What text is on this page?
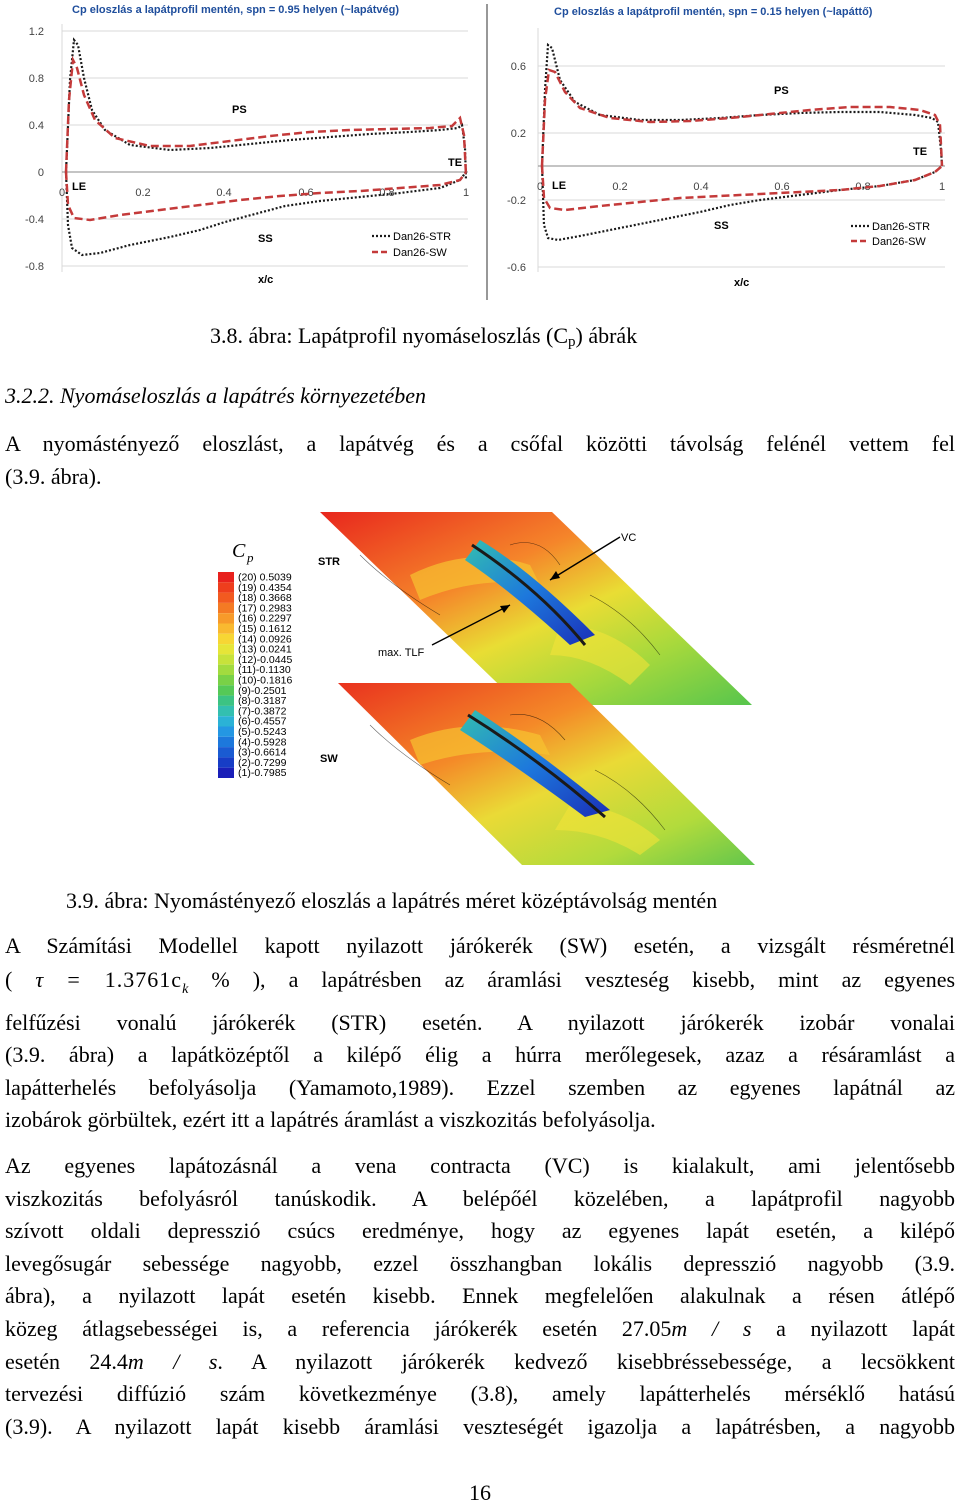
Cp eloszlás a lapátprofil mentén, spn = 0.95 helyen (~lapátvég)
1.2
0.8
0.4
0
-0.4
-0.8
0	0.2	0.4	0.6	0.8	1
LE
PS
TE
SS
x/c
Dan26-STR
Dan26-SW
Cp eloszlás a lapátprofil mentén, spn = 0.15 helyen (~lapáttő)
0.6
0.2
-0.2
-0.6
0	0.2	0.4	0.6	0.8	1
LE
PS
TE
SS
x/c
Dan26-STR
Dan26-SW
3.8. ábra: Lapátprofil nyomáseloszlás (Cp) ábrák
3.2.2. Nyomáseloszlás a lapátrés környezetében
A nyomástényező eloszlást, a lapátvég és a csőfal közötti távolság felénél vettem fel
(3.9. ábra).
C p
(20) 0.5039
(19) 0.4354
(18) 0.3668
(17) 0.2983
(16) 0.2297
(15) 0.1612
(14) 0.0926
(13) 0.0241
(12)-0.0445
(11)-0.1130
(10)-0.1816
(9)-0.2501
(8)-0.3187
(7)-0.3872
(6)-0.4557
(5)-0.5243
(4)-0.5928
(3)-0.6614
(2)-0.7299
(1)-0.7985
STR
SW
VC
max. TLF
3.9. ábra: Nyomástényező eloszlás a lapátrés méret középtávolság mentén
A Számítási Modellel kapott nyilazott járókerék (SW) esetén, a vizsgált résméretnél
( $\tau = 1.3761c_k$ % ), a lapátrésben az áramlási veszteség kisebb, mint az egyenes
felfűzési vonalú járókerék (STR) esetén. A nyilazott járókerék izobár vonalai
(3.9. ábra) a lapátközéptől a kilépő élig a húrra merőlegesek, azaz a résáramlást a
lapátterhelés befolyásolja (Yamamoto,1989). Ezzel szemben az egyenes lapátnál az
izobárok görbültek, ezért itt a lapátrés áramlást a viszkozitás befolyásolja.
Az egyenes lapátozásnál a vena contracta (VC) is kialakult, ami jelentősebb
viszkozitás befolyásról tanúskodik. A belépőél közelében, a lapátprofil nagyobb
szívott oldali depresszió csúcs eredménye, hogy az egyenes lapát esetén, a kilépő
levegősugár sebessége nagyobb, ezzel összhangban lokális depresszió nagyobb (3.9.
ábra), a nyilazott lapát esetén kisebb. Ennek megfelelően alakulnak a résen átlépő
közeg átlagsebességei is, a referencia járókerék esetén 27.05m / s a nyilazott lapát
esetén 24.4m / s. A nyilazott járókerék kedvező kisebbréssebessége, a lecsökkent
tervezési diffúzió szám következménye (3.8), amely lapátterhelés mérséklő hatású
(3.9). A nyilazott lapát kisebb áramlási veszteségét igazolja a lapátrésben, a nagyobb
16
